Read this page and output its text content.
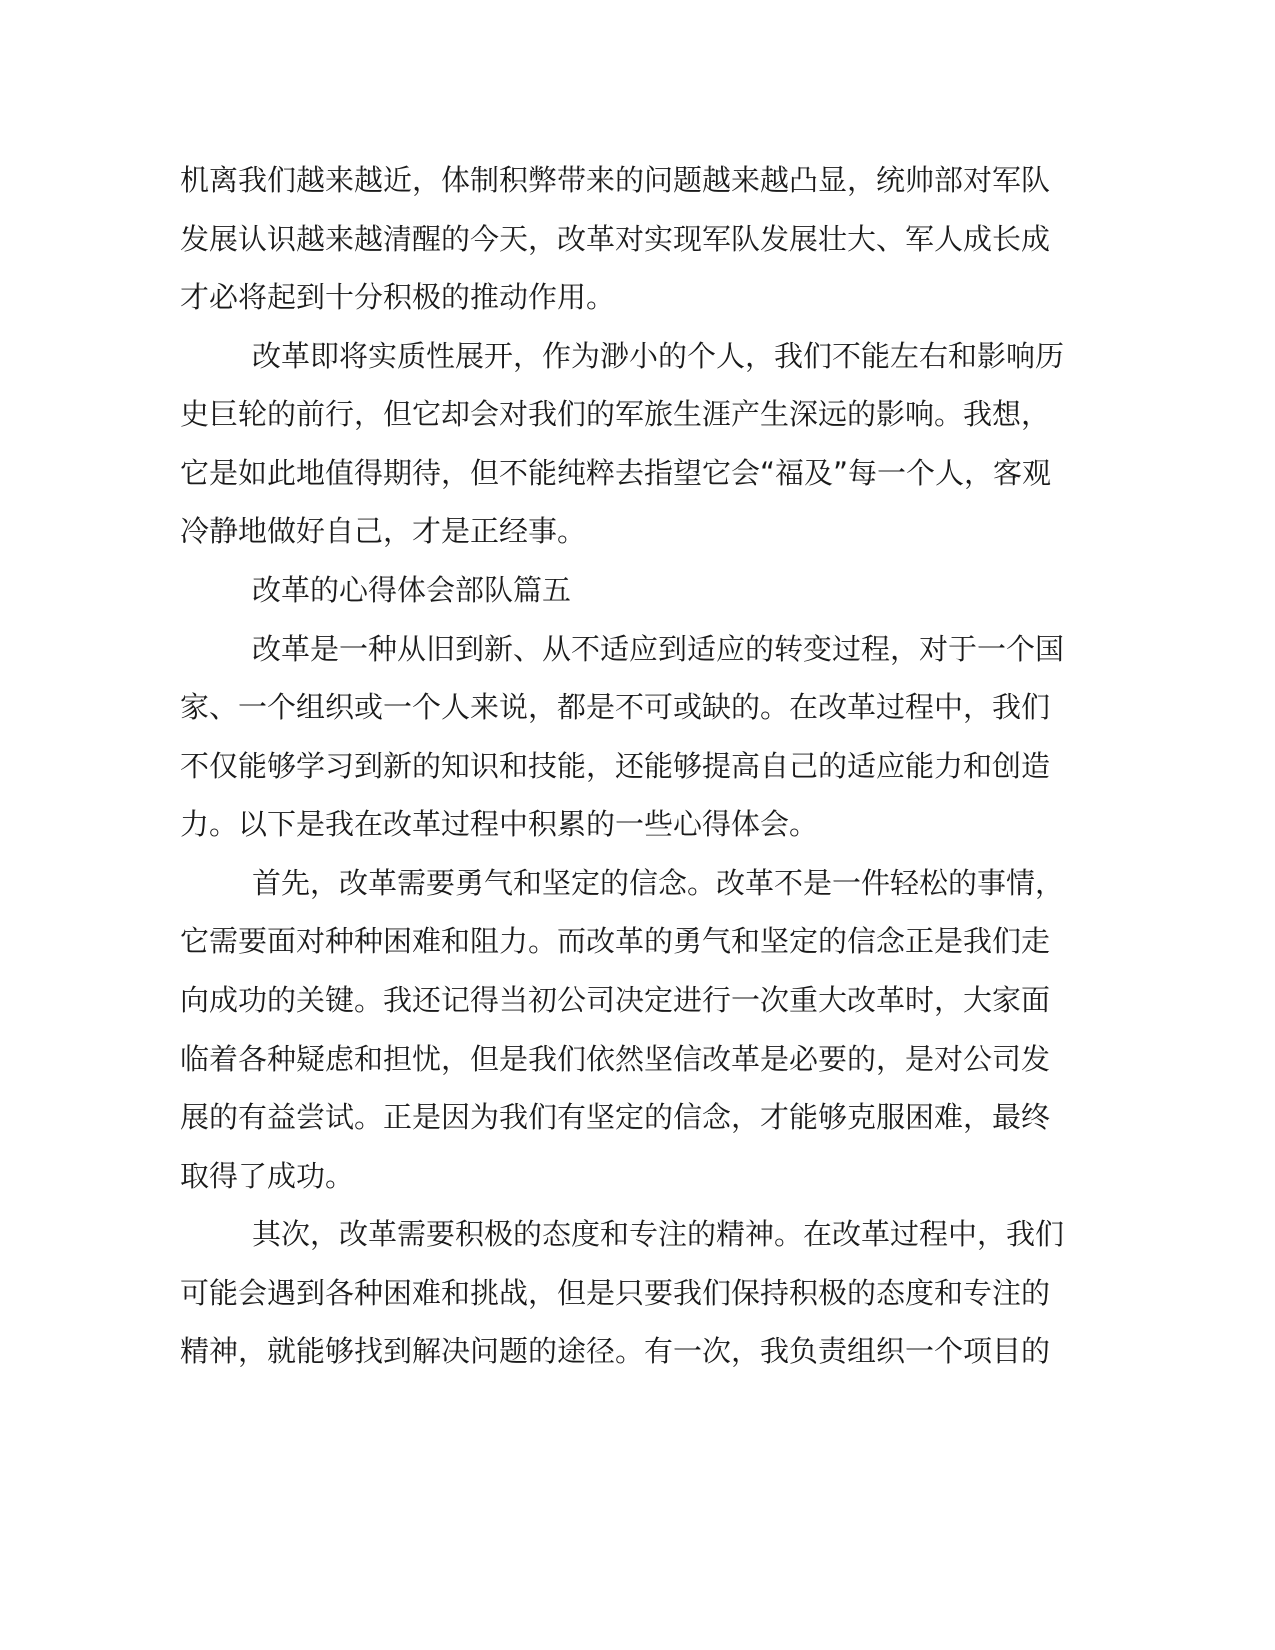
机离我们越来越近，体制积弊带来的问题越来越凸显，统帅部对军队
发展认识越来越清醒的今天，改革对实现军队发展壮大、军人成长成
才必将起到十分积极的推动作用。
改革即将实质性展开，作为渺小的个人，我们不能左右和影响历
史巨轮的前行，但它却会对我们的军旅生涯产生深远的影响。我想，
它是如此地值得期待，但不能纯粹去指望它会“福及”每一个人，客观
冷静地做好自己，才是正经事。
改革的心得体会部队篇五
改革是一种从旧到新、从不适应到适应的转变过程，对于一个国
家、一个组织或一个人来说，都是不可或缺的。在改革过程中，我们
不仅能够学习到新的知识和技能，还能够提高自己的适应能力和创造
力。以下是我在改革过程中积累的一些心得体会。
首先，改革需要勇气和坚定的信念。改革不是一件轻松的事情，
它需要面对种种困难和阻力。而改革的勇气和坚定的信念正是我们走
向成功的关键。我还记得当初公司决定进行一次重大改革时，大家面
临着各种疑虑和担忧，但是我们依然坚信改革是必要的，是对公司发
展的有益尝试。正是因为我们有坚定的信念，才能够克服困难，最终
取得了成功。
其次，改革需要积极的态度和专注的精神。在改革过程中，我们
可能会遇到各种困难和挑战，但是只要我们保持积极的态度和专注的
精神，就能够找到解决问题的途径。有一次，我负责组织一个项目的
